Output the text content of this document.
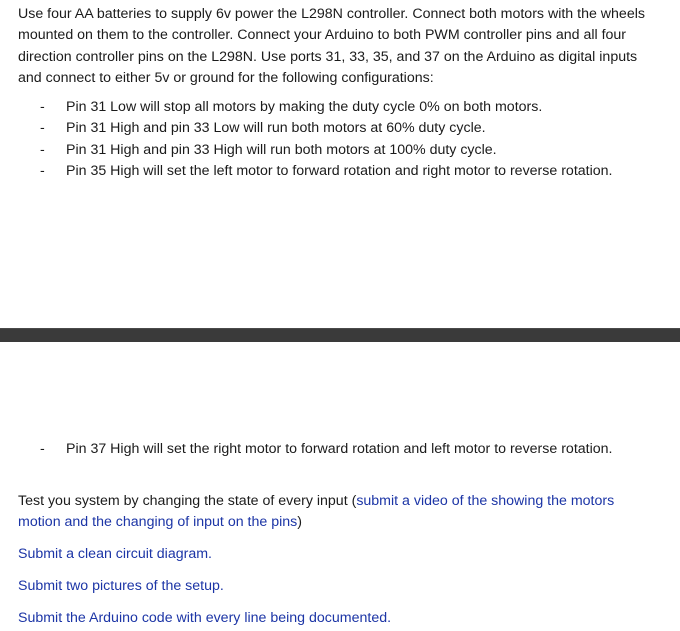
Use four AA batteries to supply 6v power the L298N controller. Connect both motors with the wheels mounted on them to the controller. Connect your Arduino to both PWM controller pins and all four direction controller pins on the L298N. Use ports 31, 33, 35, and 37 on the Arduino as digital inputs and connect to either 5v or ground for the following configurations:

- Pin 31 Low will stop all motors by making the duty cycle 0% on both motors.
- Pin 31 High and pin 33 Low will run both motors at 60% duty cycle.
- Pin 31 High and pin 33 High will run both motors at 100% duty cycle.
- Pin 35 High will set the left motor to forward rotation and right motor to reverse rotation.
- Pin 37 High will set the right motor to forward rotation and left motor to reverse rotation.

Test you system by changing the state of every input (submit a video of the showing the motors motion and the changing of input on the pins)

Submit a clean circuit diagram.

Submit two pictures of the setup.

Submit the Arduino code with every line being documented.
